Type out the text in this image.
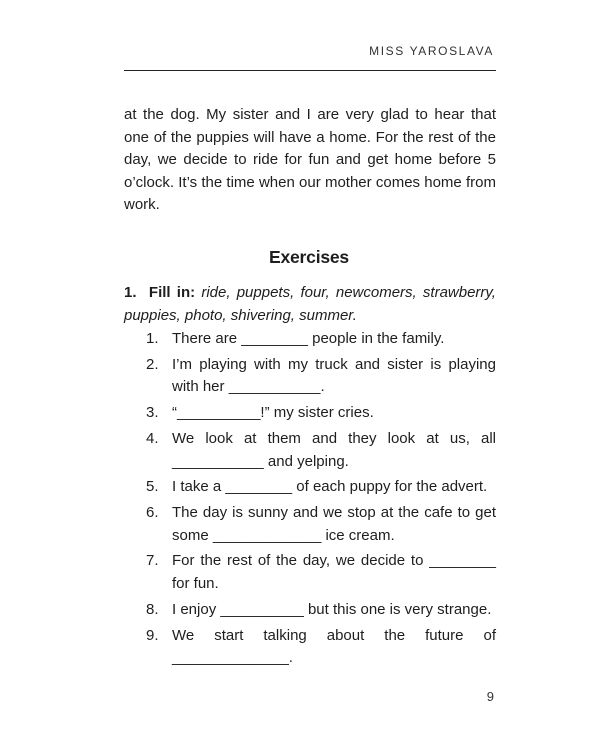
MISS YAROSLAVA

at the dog. My sister and I are very glad to hear that one of the puppies will have a home. For the rest of the day, we decide to ride for fun and get home before 5 o’clock. It’s the time when our mother comes home from work.

Exercises

1. Fill in: ride, puppets, four, newcomers, strawberry, puppies, photo, shivering, summer.

1. There are ________ people in the family.
2. I’m playing with my truck and sister is playing with her ___________.
3. “__________!” my sister cries.
4. We look at them and they look at us, all ___________ and yelping.
5. I take a ________ of each puppy for the advert.
6. The day is sunny and we stop at the cafe to get some _____________ ice cream.
7. For the rest of the day, we decide to ________ for fun.
8. I enjoy __________ but this one is very strange.
9. We start talking about the future of ______________.
9
